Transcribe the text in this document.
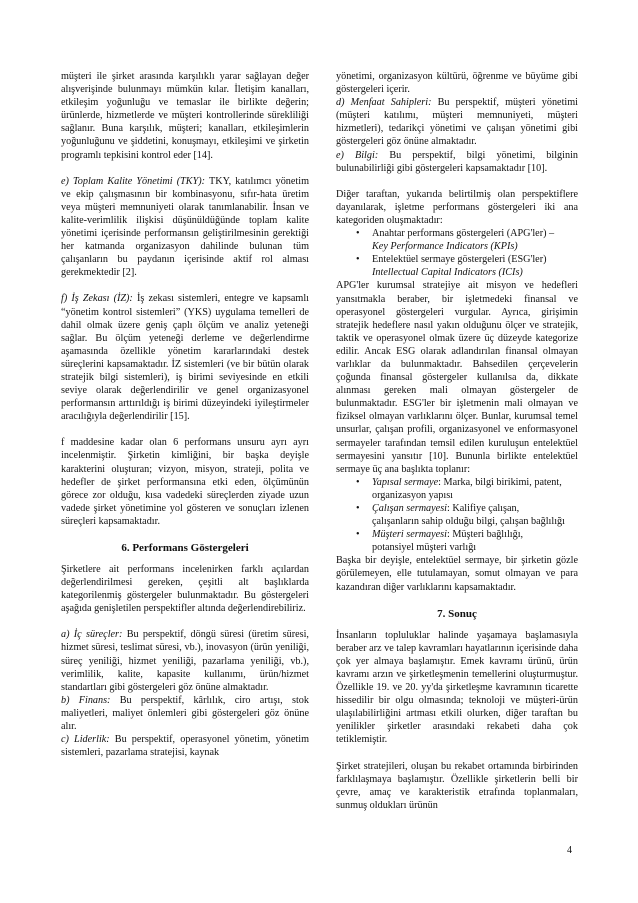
müşteri ile şirket arasında karşılıklı yarar sağlayan değer alışverişinde bulunmayı mümkün kılar. İletişim kanalları, etkileşim yoğunluğu ve temaslar ile birlikte değerin; ürünlerde, hizmetlerde ve müşteri kontrollerinde sürekliliği sağlanır. Buna karşılık, müşteri; kanalları, etkileşimlerin yoğunluğunu ve şiddetini, konuşmayı, etkileşimi ve şirketin programlı tepkisini kontrol eder [14].

e) Toplam Kalite Yönetimi (TKY): TKY, katılımcı yönetim ve ekip çalışmasının bir kombinasyonu, sıfır-hata üretim veya müşteri memnuniyeti olarak tanımlanabilir. İnsan ve kalite-verimlilik ilişkisi düşünüldüğünde toplam kalite yönetimi içerisinde performansın geliştirilmesinin gerektiği her katmanda organizasyon dahilinde bulunan tüm çalışanların bu paydanın içerisinde aktif rol alması gerekmektedir [2].

f) İş Zekası (İZ): İş zekası sistemleri, entegre ve kapsamlı “yönetim kontrol sistemleri” (YKS) uygulama temelleri de dahil olmak üzere geniş çaplı ölçüm ve analiz yeteneği sağlar. Bu ölçüm yeteneği derleme ve değerlendirme aşamasında özellikle yönetim kararlarındaki destek süreçlerini kapsamaktadır. İZ sistemleri (ve bir bütün olarak stratejik bilgi sistemleri), iş birimi seviyesinde en etkili seviye olarak değerlendirilir ve genel organizasyonel performansın arttırıldığı iş birimi düzeyindeki iyileştirmeler aracılığıyla değerlendirilir [15].

f maddesine kadar olan 6 performans unsuru ayrı ayrı incelenmiştir. Şirketin kimliğini, bir başka deyişle karakterini oluşturan; vizyon, misyon, strateji, polita ve hedefler de şirket performansına etki eden, ölçümünün görece zor olduğu, kısa vadedeki süreçlerden ziyade uzun vadede şirket yönetimine yol gösteren ve sonuçları izlenen süreçleri kapsamaktadır.

6. Performans Göstergeleri

Şirketlere ait performans incelenirken farklı açılardan değerlendirilmesi gereken, çeşitli alt başlıklarda kategorilenmiş göstergeler bulunmaktadır. Bu göstergeleri aşağıda genişletilen perspektifler altında değerlendirebiliriz.

a) İç süreçler: Bu perspektif, döngü süresi (üretim süresi, hizmet süresi, teslimat süresi, vb.), inovasyon (ürün yeniliği, süreç yeniliği, hizmet yeniliği, pazarlama yeniliği, vb.), verimlilik, kalite, kapasite kullanımı, ürün/hizmet standartları gibi göstergeleri göz önüne almaktadır.

b) Finans: Bu perspektif, kârlılık, ciro artışı, stok maliyetleri, maliyet önlemleri gibi göstergeleri göz önüne alır.

c) Liderlik: Bu perspektif, operasyonel yönetim, yönetim sistemleri, pazarlama stratejisi, kaynak

yönetimi, organizasyon kültürü, öğrenme ve büyüme gibi göstergeleri içerir.

d) Menfaat Sahipleri: Bu perspektif, müşteri yönetimi (müşteri katılımı, müşteri memnuniyeti, müşteri hizmetleri), tedarikçi yönetimi ve çalışan yönetimi gibi göstergeleri göz önüne almaktadır.

e) Bilgi: Bu perspektif, bilgi yönetimi, bilginin bulunabilirliği gibi göstergeleri kapsamaktadır [10].

Diğer taraftan, yukarıda belirtilmiş olan perspektiflere dayanılarak, işletme performans göstergeleri iki ana kategoriden oluşmaktadır:

• Anahtar performans göstergeleri (APG'ler) –
Key Performance Indicators (KPIs)
• Entelektüel sermaye göstergeleri (ESG'ler)
Intellectual Capital Indicators (ICIs)

APG'ler kurumsal stratejiye ait misyon ve hedefleri yansıtmakla beraber, bir işletmedeki finansal ve operasyonel göstergeleri vurgular. Ayrıca, girişimin stratejik hedeflere nasıl yakın olduğunu ölçer ve stratejik, taktik ve operasyonel olmak üzere üç düzeyde kategorize edilir. Ancak ESG olarak adlandırılan finansal olmayan varlıklar da bulunmaktadır. Bahsedilen çerçevelerin çoğunda finansal göstergeler kullanılsa da, dikkate alınması gereken mali olmayan göstergeler de bulunmaktadır. ESG'ler bir işletmenin mali olmayan ve fiziksel olmayan varlıklarını ölçer. Bunlar, kurumsal temel unsurlar, çalışan profili, organizasyonel ve enformasyonel sermayeler tarafından temsil edilen kuruluşun entelektüel sermayesini yansıtır [10]. Bununla birlikte entelektüel sermaye üç ana başlıkta toplanır:

• Yapısal sermaye: Marka, bilgi birikimi, patent,
organizasyon yapısı
• Çalışan sermayesi: Kalifiye çalışan,
çalışanların sahip olduğu bilgi, çalışan bağlılığı
• Müşteri sermayesi: Müşteri bağlılığı,
potansiyel müşteri varlığı

Başka bir deyişle, entelektüel sermaye, bir şirketin gözle görülemeyen, elle tutulamayan, somut olmayan ve para kazandıran diğer varlıklarını kapsamaktadır.

7. Sonuç

İnsanların topluluklar halinde yaşamaya başlamasıyla beraber arz ve talep kavramları hayatlarının içerisinde daha çok yer almaya başlamıştır. Emek kavramı ürünü, ürün kavramı arzın ve şirketleşmenin temellerini oluşturmuştur. Özellikle 19. ve 20. yy'da şirketleşme kavramının ticarette hissedilir bir olgu olmasında; teknoloji ve müşteri-ürün ulaşılabilirliğini artması etkili olurken, diğer taraftan bu yenilikler şirketler arasındaki rekabeti daha çok tetiklemiştir.

Şirket stratejileri, oluşan bu rekabet ortamında birbirinden farklılaşmaya başlamıştır. Özellikle şirketlerin belli bir çevre, amaç ve karakteristik etrafında toplanmaları, sunmuş oldukları ürünün

4
